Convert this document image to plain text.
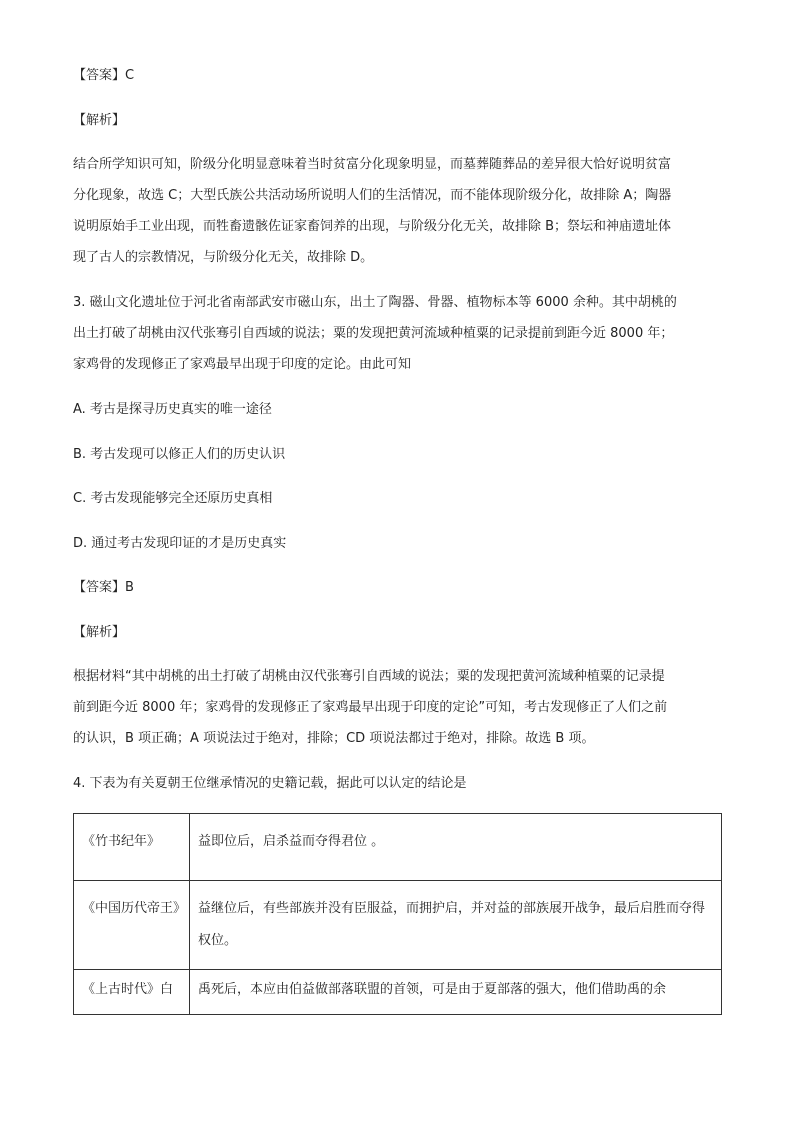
【答案】C
【解析】
结合所学知识可知，阶级分化明显意味着当时贫富分化现象明显，而墓葬随葬品的差异很大恰好说明贫富
分化现象，故选 C；大型氏族公共活动场所说明人们的生活情况，而不能体现阶级分化，故排除 A；陶器
说明原始手工业出现，而牲畜遗骸佐证家畜饲养的出现，与阶级分化无关，故排除 B；祭坛和神庙遗址体
现了古人的宗教情况，与阶级分化无关，故排除 D。
3. 磁山文化遗址位于河北省南部武安市磁山东，出土了陶器、骨器、植物标本等 6000 余种。其中胡桃的
出土打破了胡桃由汉代张骞引自西域的说法；粟的发现把黄河流域种植粟的记录提前到距今近 8000 年；
家鸡骨的发现修正了家鸡最早出现于印度的定论。由此可知
A. 考古是探寻历史真实的唯一途径
B. 考古发现可以修正人们的历史认识
C. 考古发现能够完全还原历史真相
D. 通过考古发现印证的才是历史真实
【答案】B
【解析】
根据材料“其中胡桃的出土打破了胡桃由汉代张骞引自西域的说法；粟的发现把黄河流域种植粟的记录提
前到距今近 8000 年；家鸡骨的发现修正了家鸡最早出现于印度的定论”可知，考古发现修正了人们之前
的认识，B 项正确；A 项说法过于绝对，排除；CD 项说法都过于绝对，排除。故选 B 项。
4. 下表为有关夏朝王位继承情况的史籍记载，据此可以认定的结论是
《竹书纪年》	益即位后，启杀益而夺得君位 。
《中国历代帝王》	益继位后，有些部族并没有臣服益，而拥护启，并对益的部族展开战争，最后启胜而夺得权位。
《上古时代》白	禹死后，本应由伯益做部落联盟的首领，可是由于夏部落的强大，他们借助禹的余
